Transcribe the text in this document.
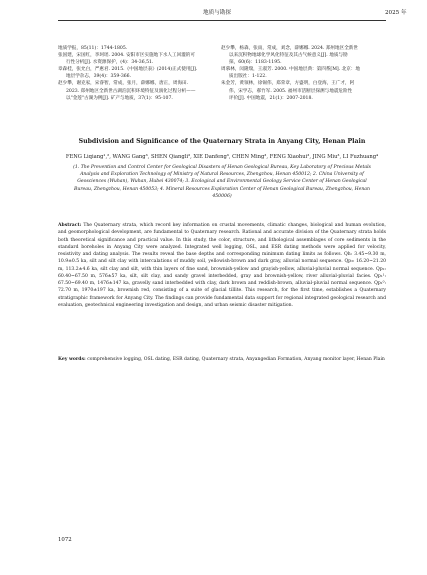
地质与勘探	2025 年

地质学报，85(11)：1744-1805.

张国建，宋国红，李珂瑶. 2004. 安阳市区实施地下水人工回灌的可

行性分析[J]. 水资源保护，(4)：34-36,51.

章森桂，张允白，严惠君. 2015.《中国地层表》(2014)正式使用[J].

地层学杂志，39(4)：359-366.

赵少攀，谢克家，宋睿智，常成，张月，薛娜娜，唐正，周海田.

2023. 郑州地区全新世古湖泊沉积环境特征及演化过程分析——

以"金莲"古湖为例[J]. 矿产与地质，37(1)：95-107.

赵少攀，杨森，张雨，常成，刘念，薛娜娜. 2024. 郑州地区全新世

以来沉积物地球化学风化特征及其古气候意义[J]. 地质与勘

探，60(6)：1183-1195.

周慕林，闵隆瑞，王淑芳. 2000. 中国地层典：第四系[M]. 北京：地

质出版社：1-122.

朱金芳，黄领林，徐锡伟，郑荣章，方盛明，白登海，王广才，阿

伟，宋学志，郝竹军. 2005. 福州市活断层探测与地震危险性

评价[J]. 中国地震，21(1)：2007-2018.

Subdivision and Significance of the Quaternary Strata in Anyang City, Henan Plain
FENG Liqiang¹,², WANG Gang³, SHEN Qiangli³, XIE Danfeng³, CHEN Ming³, FENG Xiaohui³, JING Miu³, LI Fuzhuang⁴
(1. The Prevention and Control Center for Geological Disasters of Henan Geological Bureau, Key Laboratory of Precious Metals
Analysis and Exploration Technology of Ministry of Natural Resources, Zhengzhou, Henan 450012; 2. China University of
Geosciences (Wuhan), Wuhan, Hubei 430074; 3. Ecological and Environmental Geology Service Center of Henan Geological
Bureau, Zhengzhou, Henan 450053; 4. Mineral Resources Exploration Center of Henan Geological Bureau, Zhengzhou, Henan
450006)
Abstract: The Quaternary strata, which record key information on crustal movements, climatic changes, biological and human evolution, and geomorphological development, are fundamental to Quaternary research. Rational and accurate division of the Quaternary strata holds both theoretical significance and practical value. In this study, the color, structure, and lithological assemblages of core sediments in the standard boreholes in Anyang City were analyzed. Integrated well logging, OSL, and ESR dating methods were applied for velocity, resistivity and dating analysis. The results reveal the base depths and corresponding minimum dating limits as follows. Qh: 3.45~9.30 m, 10.9±0.5 ka, silt and silt clay with intercalations of muddy soil, yellowish-brown and dark gray, alluvial normal sequence. Qp₃: 16.20~21.20 m, 113.2±4.6 ka, silt clay and silt, with thin layers of fine sand, brownish-yellow and grayish-yellow, alluvial-pluvial normal sequence. Qp₂: 60.40~67.50 m, 576±57 ka, silt, silt clay, and sandy gravel interbedded, gray and brownish-yellow, river alluvial-pluvial facies. Qp₁¹: 67.50~69.40 m, 1476±147 ka, gravelly sand interbedded with clay, dark brown and reddish-brown, alluvial-pluvial normal sequence. Qp₁⁰: 72.70 m, 1970±197 ka, brownish red, consisting of a suite of glacial tillite. This research, for the first time, establishes a Quaternary stratigraphic framework for Anyang City. The findings can provide fundamental data support for regional integrated geological research and evaluation, geotechnical engineering investigation and design, and urban seismic disaster mitigation.
Key words: comprehensive logging, OSL dating, ESR dating, Quaternary strata, Anyangedian Formation, Anyang monitor layer, Henan Plain
1072
